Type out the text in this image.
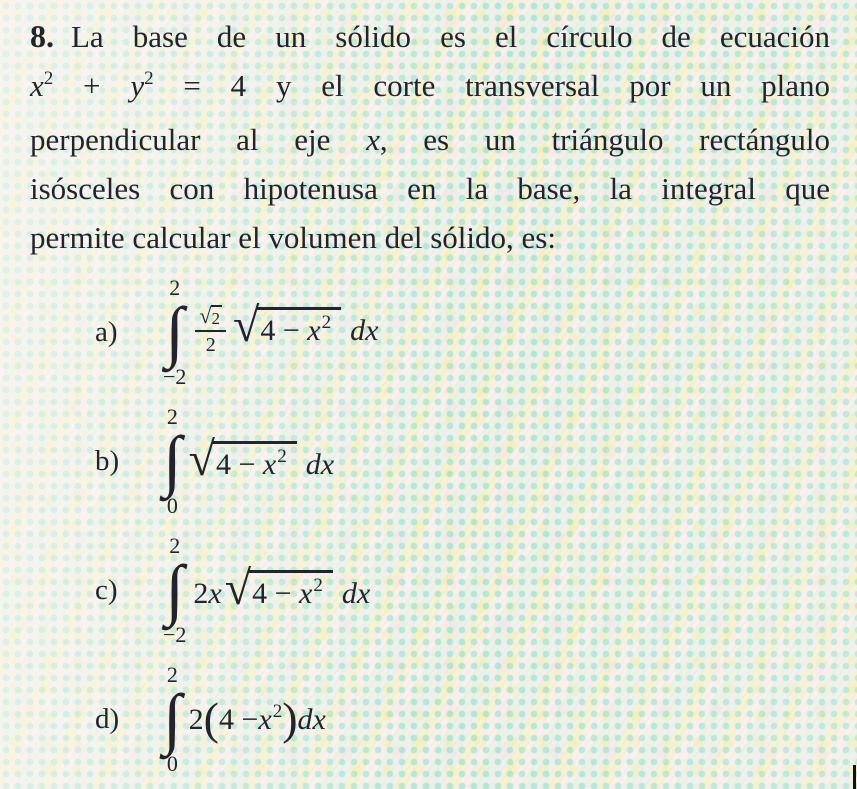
8. La base de un sólido es el círculo de ecuación
$x^2 + y^2 = 4$ y el corte transversal por un plano
perpendicular al eje x, es un triángulo rectángulo
isósceles con hipotenusa en la base, la integral que
permite calcular el volumen del sólido, es:
a)
2
∫
−2
$\frac{√ 2}{2}$ √ $4 - x^2$ dx
b)
2
∫
0
√ $4 - x^2$ dx
c)
2
∫
−2
2 x √ $4 - x^2$ dx
d)
2
∫
0
2 ( 4 − x 2 ) dx
